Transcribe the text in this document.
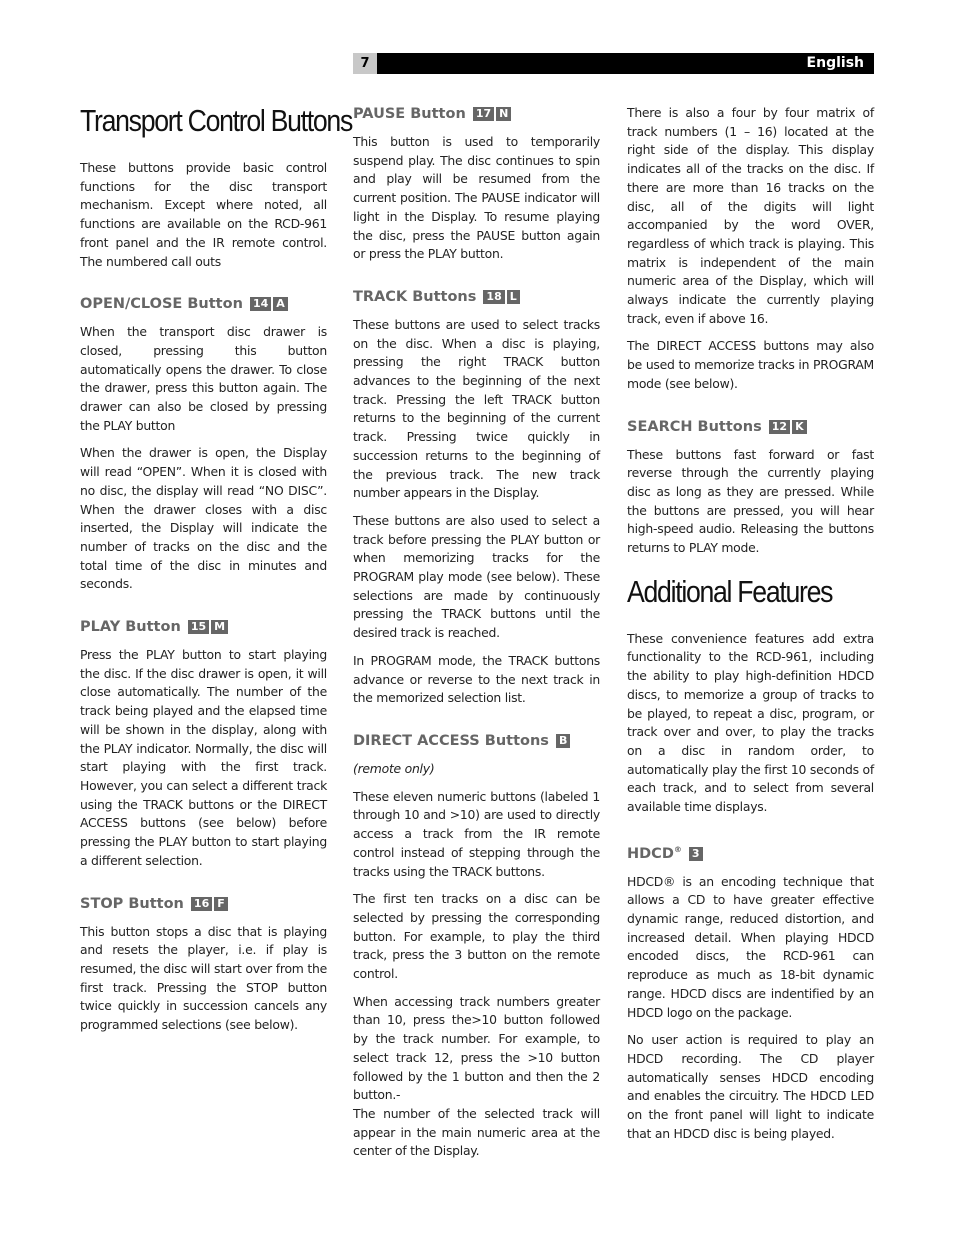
7	English
Transport Control Buttons

These buttons provide basic control functions for the disc transport mechanism. Except where noted, all functions are available on the RCD-961 front panel and the IR remote control. The numbered call outs

OPEN/CLOSE Button 14 A

When the transport disc drawer is closed, pressing this button automatically opens the drawer. To close the drawer, press this button again. The drawer can also be closed by pressing the PLAY button

When the drawer is open, the Display will read “OPEN”. When it is closed with no disc, the display will read “NO DISC”. When the drawer closes with a disc inserted, the Display will indicate the number of tracks on the disc and the total time of the disc in minutes and seconds.

PLAY Button 15 M

Press the PLAY button to start playing the disc. If the disc drawer is open, it will close automatically. The number of the track being played and the elapsed time will be shown in the display, along with the PLAY indicator. Normally, the disc will start playing with the first track. However, you can select a different track using the TRACK buttons or the DIRECT ACCESS buttons (see below) before pressing the PLAY button to start playing a different selection.

STOP Button 16 F

This button stops a disc that is playing and resets the player, i.e. if play is resumed, the disc will start over from the first track. Pressing the STOP button twice quickly in succession cancels any programmed selections (see below).

PAUSE Button 17 N

This button is used to temporarily suspend play. The disc continues to spin and play will be resumed from the current position. The PAUSE indicator will light in the Display. To resume playing the disc, press the PAUSE button again or press the PLAY button.

TRACK Buttons 18 L

These buttons are used to select tracks on the disc. When a disc is playing, pressing the right TRACK button advances to the beginning of the next track. Pressing the left TRACK button returns to the beginning of the current track. Pressing twice quickly in succession returns to the beginning of the previous track. The new track number appears in the Display.

These buttons are also used to select a track before pressing the PLAY button or when memorizing tracks for the PROGRAM play mode (see below). These selections are made by continuously pressing the TRACK buttons until the desired track is reached.

In PROGRAM mode, the TRACK buttons advance or reverse to the next track in the memorized selection list.

DIRECT ACCESS Buttons B

(remote only)

These eleven numeric buttons (labeled 1 through 10 and >10) are used to directly access a track from the IR remote control instead of stepping through the tracks using the TRACK buttons.

The first ten tracks on a disc can be selected by pressing the corresponding button. For example, to play the third track, press the 3 button on the remote control.

When accessing track numbers greater than 10, press the>10 button followed by the track number. For example, to select track 12, press the >10 button followed by the 1 button and then the 2 button.-

The number of the selected track will appear in the main numeric area at the center of the Display.

There is also a four by four matrix of track numbers (1 – 16) located at the right side of the display. This display indicates all of the tracks on the disc. If there are more than 16 tracks on the disc, all of the digits will light accompanied by the word OVER, regardless of which track is playing. This matrix is independent of the main numeric area of the Display, which will always indicate the currently playing track, even if above 16.

The DIRECT ACCESS buttons may also be used to memorize tracks in PROGRAM mode (see below).

SEARCH Buttons 12 K

These buttons fast forward or fast reverse through the currently playing disc as long as they are pressed. While the buttons are pressed, you will hear high-speed audio. Releasing the buttons returns to PLAY mode.

Additional Features

These convenience features add extra functionality to the RCD-961, including the ability to play high-definition HDCD discs, to memorize a group of tracks to be played, to repeat a disc, program, or track over and over, to play the tracks on a disc in random order, to automatically play the first 10 seconds of each track, and to select from several available time displays.

HDCD® 3

HDCD® is an encoding technique that allows a CD to have greater effective dynamic range, reduced distortion, and increased detail. When playing HDCD encoded discs, the RCD-961 can reproduce as much as 18-bit dynamic range. HDCD discs are indentified by an HDCD logo on the package.

No user action is required to play an HDCD recording. The CD player automatically senses HDCD encoding and enables the circuitry. The HDCD LED on the front panel will light to indicate that an HDCD disc is being played.
